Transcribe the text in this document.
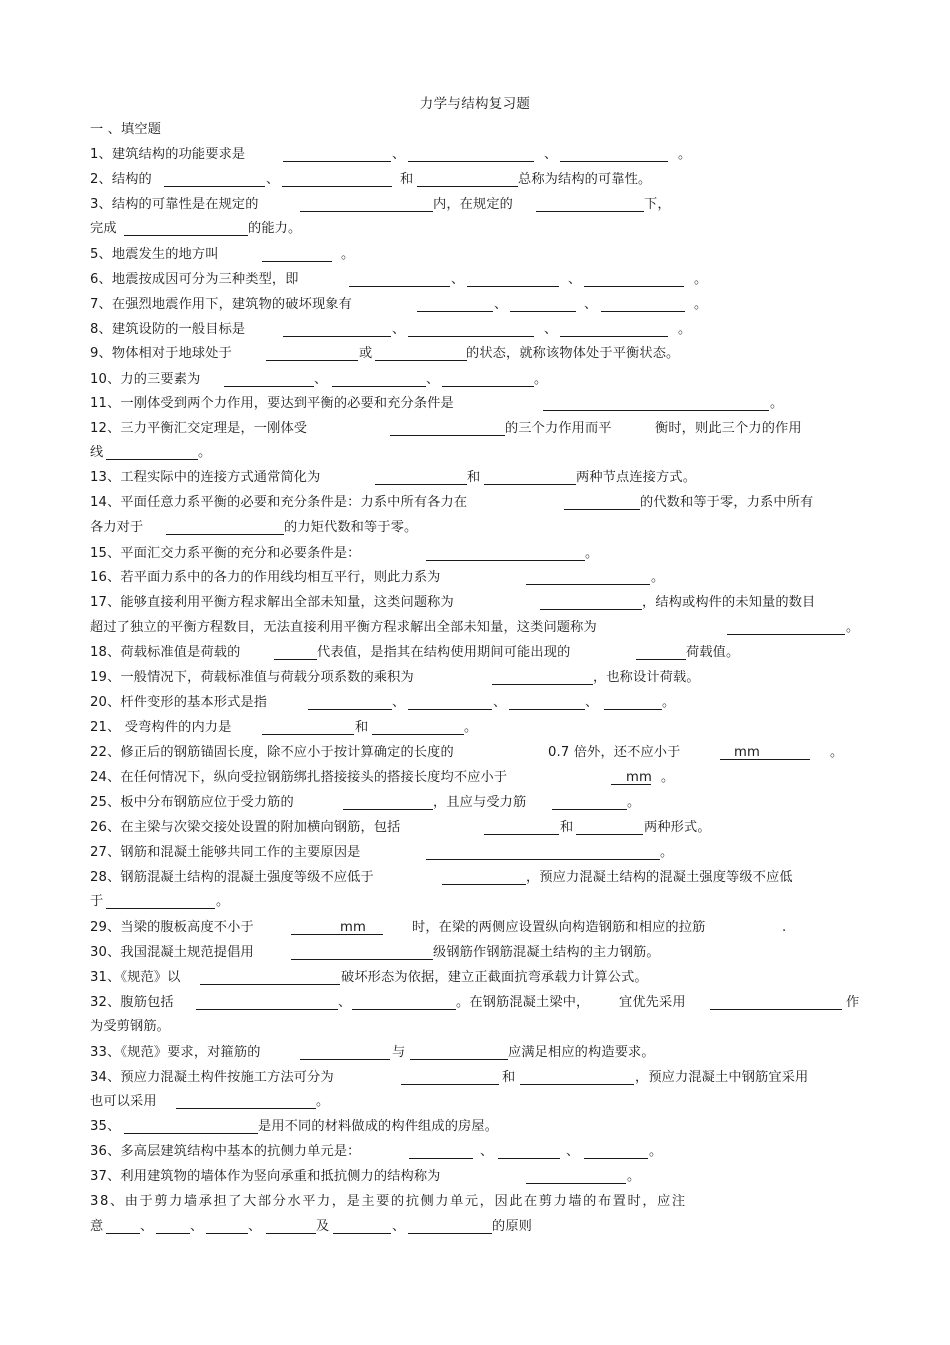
力学与结构复习题
一 、填空题
1、建筑结构的功能要求是	、	、	。
2、结构的	、	和	总称为结构的可靠性。
3、结构的可靠性是在规定的	内，在规定的	下，
完成	的能力。
5、地震发生的地方叫	。
6、地震按成因可分为三种类型，即	、	、	。
7、在强烈地震作用下，建筑物的破坏现象有	、	、	。
8、建筑设防的一般目标是	、	、	。
9、物体相对于地球处于	或	的状态，就称该物体处于平衡状态。
10、力的三要素为	、	、	。
11、一刚体受到两个力作用，要达到平衡的必要和充分条件是	。
12、三力平衡汇交定理是，一刚体受	的三个力作用而平	衡时，则此三个力的作用
线	。
13、工程实际中的连接方式通常简化为	和	两种节点连接方式。
14、平面任意力系平衡的必要和充分条件是：力系中所有各力在	的代数和等于零，力系中所有
各力对于	的力矩代数和等于零。
15、平面汇交力系平衡的充分和必要条件是：	。
16、若平面力系中的各力的作用线均相互平行，则此力系为	。
17、能够直接利用平衡方程求解出全部未知量，这类问题称为	，结构或构件的未知量的数目
超过了独立的平衡方程数目，无法直接利用平衡方程求解出全部未知量，这类问题称为	。
18、荷载标准值是荷载的	代表值，是指其在结构使用期间可能出现的	荷载值。
19、一般情况下，荷载标准值与荷载分项系数的乘积为	，也称设计荷载。
20、杆件变形的基本形式是指	、	、	、	。
21、 受弯构件的内力是	和	。
22、修正后的钢筋锚固长度，除不应小于按计算确定的长度的	0.7 倍外，还不应小于	mm	。
24、在任何情况下，纵向受拉钢筋绑扎搭接接头的搭接长度均不应小于	mm 。
25、板中分布钢筋应位于受力筋的	，且应与受力筋	。
26、在主梁与次梁交接处设置的附加横向钢筋，包括	和	两种形式。
27、钢筋和混凝土能够共同工作的主要原因是	。
28、钢筋混凝土结构的混凝土强度等级不应低于	，预应力混凝土结构的混凝土强度等级不应低
于	。
29、当梁的腹板高度不小于	mm	时，在梁的两侧应设置纵向构造钢筋和相应的拉筋	.
30、我国混凝土规范提倡用	级钢筋作钢筋混凝土结构的主力钢筋。
31、《规范》以	破坏形态为依据，建立正截面抗弯承载力计算公式。
32、腹筋包括	、	。在钢筋混凝土梁中， 宜优先采用	作
为受剪钢筋。
33、《规范》要求，对箍筋的	与	应满足相应的构造要求。
34、预应力混凝土构件按施工方法可分为	和	，预应力混凝土中钢筋宜采用
也可以采用	。
35、	是用不同的材料做成的构件组成的房屋。
36、多高层建筑结构中基本的抗侧力单元是：	、	、	。
37、利用建筑物的墙体作为竖向承重和抵抗侧力的结构称为	。
38、由于剪力墙承担了大部分水平力，是主要的抗侧力单元，因此在剪力墙的布置时，应注
意	、	、	、	及	、	的原则
